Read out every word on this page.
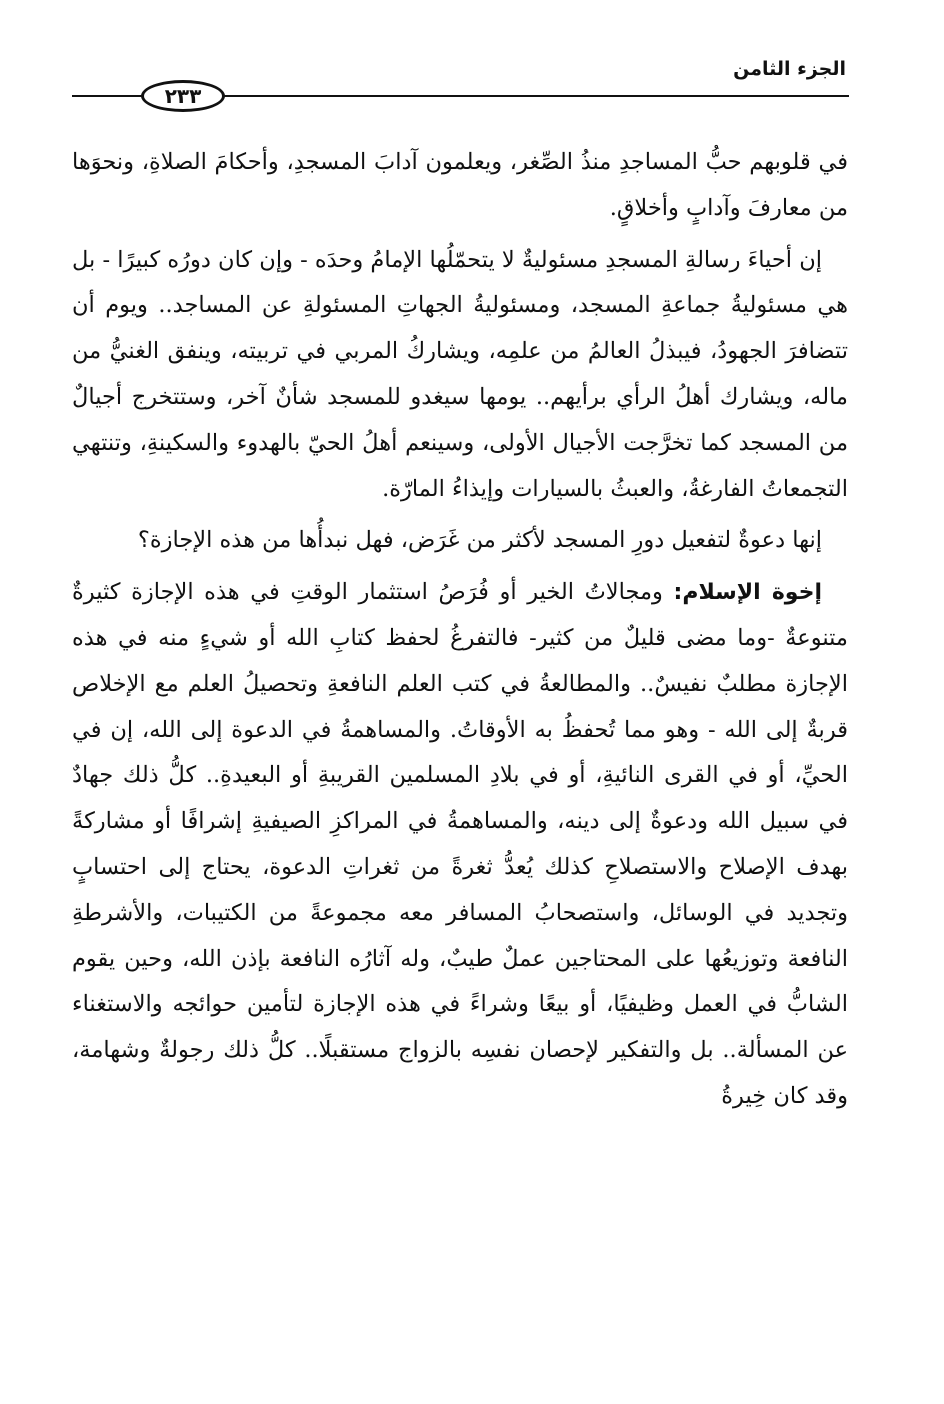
الجزء الثامن
٢٣٣

في قلوبهم حبُّ المساجدِ منذُ الصِّغر، ويعلمون آدابَ المسجدِ، وأحكامَ الصلاةِ، ونحوَها من معارفَ وآدابٍ وأخلاقٍ.

إن أحياءَ رسالةِ المسجدِ مسئوليةٌ لا يتحمّلُها الإمامُ وحدَه - وإن كان دورُه كبيرًا - بل هي مسئوليةُ جماعةِ المسجد، ومسئوليةُ الجهاتِ المسئولةِ عن المساجد.. ويوم أن تتضافرَ الجهودُ، فيبذلُ العالمُ من علمِه، ويشاركُ المربي في تربيته، وينفق الغنيُّ من ماله، ويشارك أهلُ الرأي برأيهم.. يومها سيغدو للمسجد شأنٌ آخر، وستتخرج أجيالٌ من المسجد كما تخرَّجت الأجيال الأولى، وسينعم أهلُ الحيّ بالهدوء والسكينةِ، وتنتهي التجمعاتُ الفارغةُ، والعبثُ بالسيارات وإيذاءُ المارّة.

إنها دعوةٌ لتفعيل دورِ المسجد لأكثر من غَرَض، فهل نبدأُها من هذه الإجازة؟

إخوة الإسلام: ومجالاتُ الخير أو فُرَصُ استثمار الوقتِ في هذه الإجازة كثيرةٌ متنوعةٌ -وما مضى قليلٌ من كثير- فالتفرغُ لحفظ كتابِ الله أو شيءٍ منه في هذه الإجازة مطلبٌ نفيسٌ.. والمطالعةُ في كتب العلم النافعةِ وتحصيلُ العلم مع الإخلاص قربةٌ إلى الله - وهو مما تُحفظُ به الأوقاتُ. والمساهمةُ في الدعوة إلى الله، إن في الحيِّ، أو في القرى النائيةِ، أو في بلادِ المسلمين القريبةِ أو البعيدةِ.. كلُّ ذلك جهادٌ في سبيل الله ودعوةٌ إلى دينه، والمساهمةُ في المراكزِ الصيفيةِ إشرافًا أو مشاركةً بهدف الإصلاح والاستصلاحِ كذلك يُعدُّ ثغرةً من ثغراتِ الدعوة، يحتاج إلى احتسابٍ وتجديد في الوسائل، واستصحابُ المسافر معه مجموعةً من الكتيبات، والأشرطةِ النافعة وتوزيعُها على المحتاجين عملٌ طيبٌ، وله آثارُه النافعة بإذن الله، وحين يقوم الشابُّ في العمل وظيفيًا، أو بيعًا وشراءً في هذه الإجازة لتأمين حوائجه والاستغناء عن المسألة.. بل والتفكير لإحصان نفسِه بالزواج مستقبلًا.. كلُّ ذلك رجولةٌ وشهامة، وقد كان خِيرةُ
